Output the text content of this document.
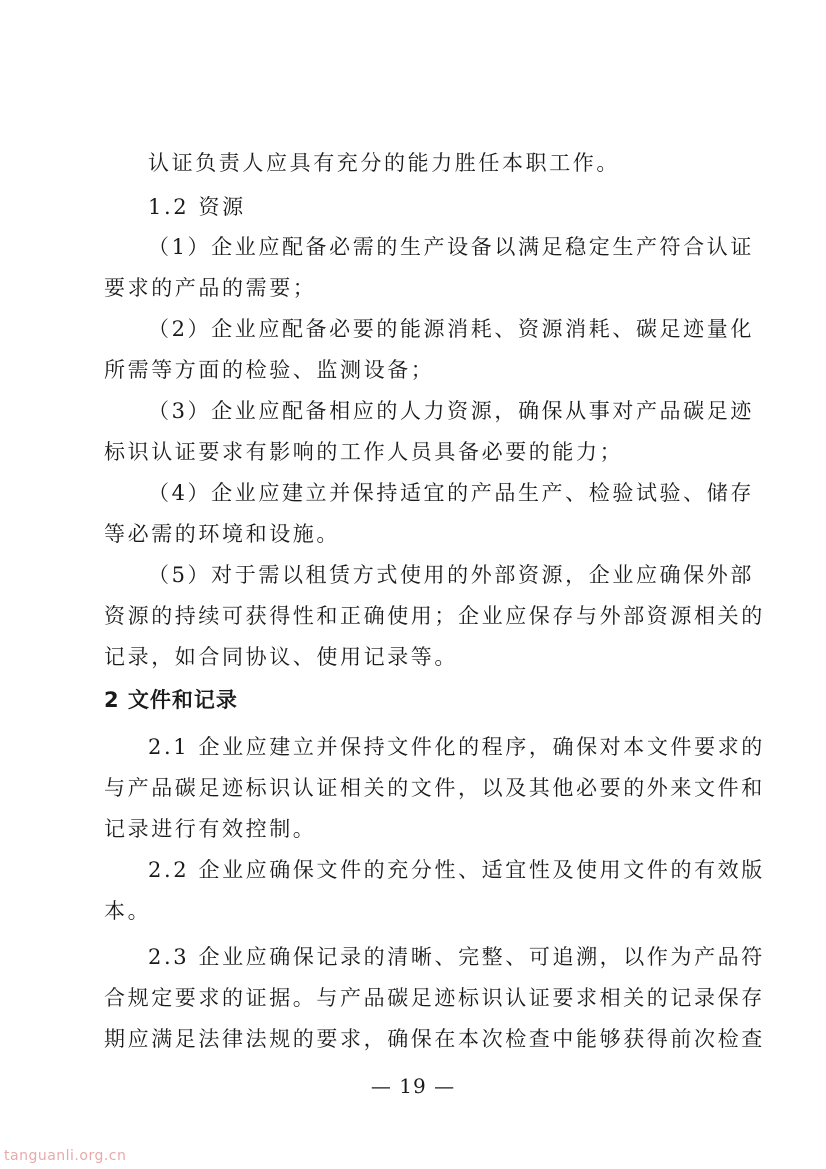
认证负责人应具有充分的能力胜任本职工作。
1.2 资源
（1）企业应配备必需的生产设备以满足稳定生产符合认证
要求的产品的需要；
（2）企业应配备必要的能源消耗、资源消耗、碳足迹量化
所需等方面的检验、监测设备；
（3）企业应配备相应的人力资源，确保从事对产品碳足迹
标识认证要求有影响的工作人员具备必要的能力；
（4）企业应建立并保持适宜的产品生产、检验试验、储存
等必需的环境和设施。
（5）对于需以租赁方式使用的外部资源，企业应确保外部
资源的持续可获得性和正确使用；企业应保存与外部资源相关的
记录，如合同协议、使用记录等。
2 文件和记录
2.1 企业应建立并保持文件化的程序，确保对本文件要求的
与产品碳足迹标识认证相关的文件，以及其他必要的外来文件和
记录进行有效控制。
2.2 企业应确保文件的充分性、适宜性及使用文件的有效版
本。
2.3 企业应确保记录的清晰、完整、可追溯，以作为产品符
合规定要求的证据。与产品碳足迹标识认证要求相关的记录保存
期应满足法律法规的要求，确保在本次检查中能够获得前次检查
— 19 —
tanguanli.org.cn
